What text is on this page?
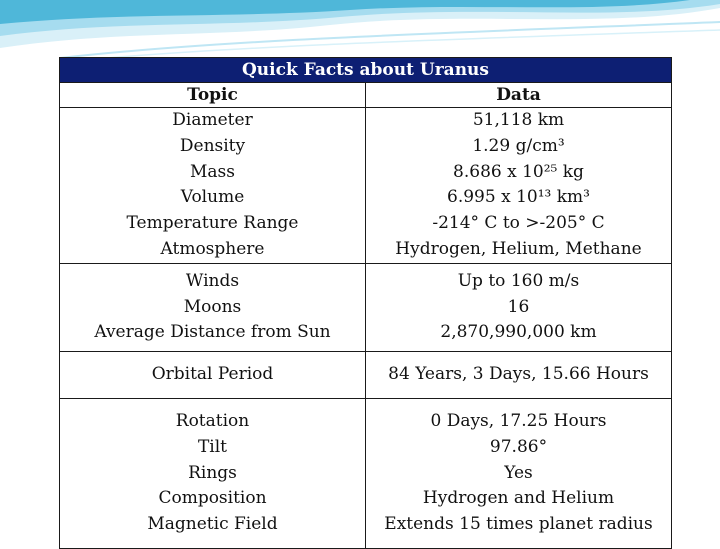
Quick Facts about Uranus
Topic	Data
Diameter
Density
Mass
Volume
Temperature Range
Atmosphere
51,118 km
1.29 g/cm³
8.686 x 10²⁵ kg
6.995 x 10¹³ km³
-214° C to >-205° C
Hydrogen, Helium, Methane
Winds
Moons
Average Distance from Sun
Up to 160 m/s
16
2,870,990,000 km
Orbital Period	84 Years, 3 Days, 15.66 Hours
Rotation
Tilt
Rings
Composition
Magnetic Field
0 Days, 17.25 Hours
97.86°
Yes
Hydrogen and Helium
Extends 15 times planet radius
